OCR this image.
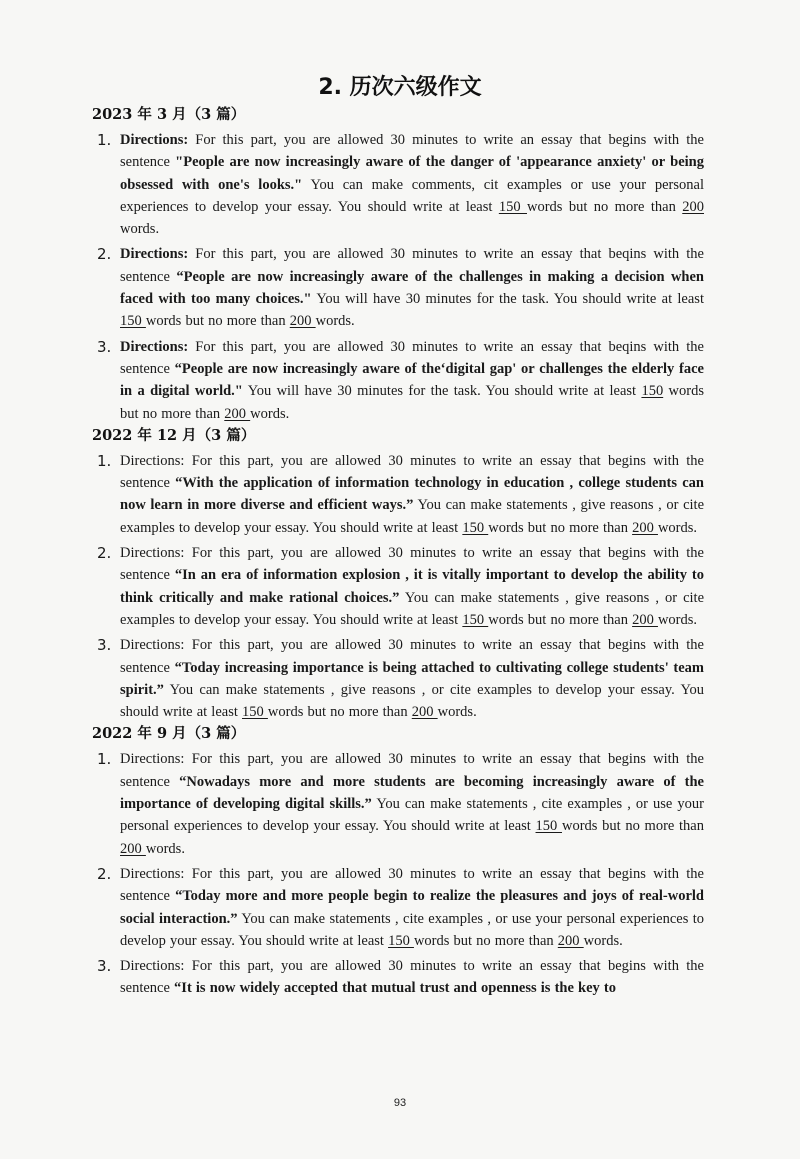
2. 历次六级作文
2023 年 3 月（3 篇）
1. Directions: For this part, you are allowed 30 minutes to write an essay that begins with the sentence "People are now increasingly aware of the danger of 'appearance anxiety' or being obsessed with one's looks." You can make comments, cit examples or use your personal experiences to develop your essay. You should write at least 150 words but no more than 200 words.
2. Directions: For this part, you are allowed 30 minutes to write an essay that beqins with the sentence “People are now increasingly aware of the challenges in making a decision when faced with too many choices." You will have 30 minutes for the task. You should write at least 150 words but no more than 200 words.
3. Directions: For this part, you are allowed 30 minutes to write an essay that beqins with the sentence “People are now increasingly aware of the‘digital gap' or challenges the elderly face in a digital world." You will have 30 minutes for the task. You should write at least 150 words but no more than 200 words.
2022 年 12 月（3 篇）
1. Directions: For this part, you are allowed 30 minutes to write an essay that begins with the sentence “With the application of information technology in education , college students can now learn in more diverse and efficient ways.” You can make statements , give reasons , or cite examples to develop your essay. You should write at least 150 words but no more than 200 words.
2. Directions: For this part, you are allowed 30 minutes to write an essay that begins with the sentence “In an era of information explosion , it is vitally important to develop the ability to think critically and make rational choices.” You can make statements , give reasons , or cite examples to develop your essay. You should write at least 150 words but no more than 200 words.
3. Directions: For this part, you are allowed 30 minutes to write an essay that begins with the sentence “Today increasing importance is being attached to cultivating college students' team spirit.” You can make statements , give reasons , or cite examples to develop your essay. You should write at least 150 words but no more than 200 words.
2022 年 9 月（3 篇）
1. Directions: For this part, you are allowed 30 minutes to write an essay that begins with the sentence “Nowadays more and more students are becoming increasingly aware of the importance of developing digital skills.” You can make statements , cite examples , or use your personal experiences to develop your essay. You should write at least 150 words but no more than 200 words.
2. Directions: For this part, you are allowed 30 minutes to write an essay that begins with the sentence “Today more and more people begin to realize the pleasures and joys of real-world social interaction.” You can make statements , cite examples , or use your personal experiences to develop your essay. You should write at least 150 words but no more than 200 words.
3. Directions: For this part, you are allowed 30 minutes to write an essay that begins with the sentence “It is now widely accepted that mutual trust and openness is the key to
93
